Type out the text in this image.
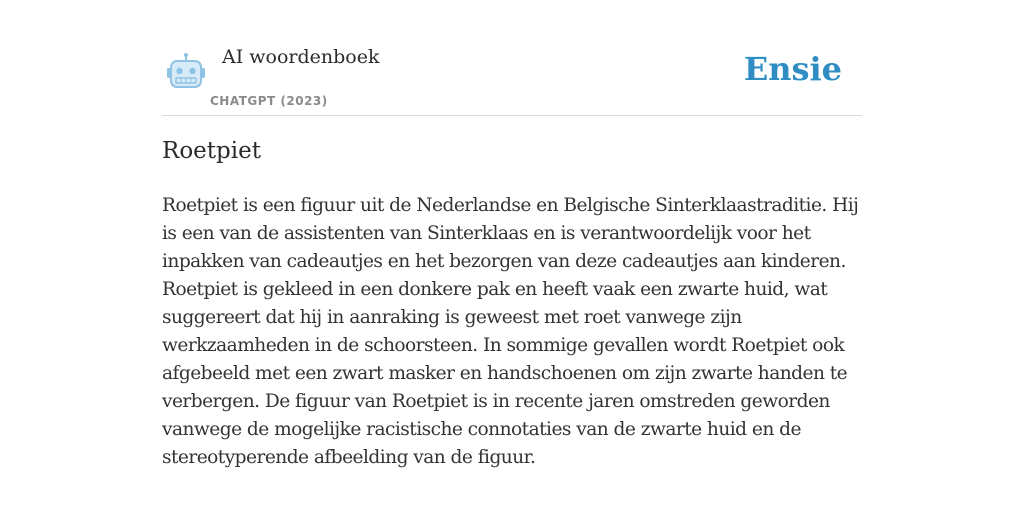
AI woordenboek
CHATGPT (2023)
Ensie
Roetpiet

Roetpiet is een figuur uit de Nederlandse en Belgische Sinterklaastraditie. Hij is een van de assistenten van Sinterklaas en is verantwoordelijk voor het inpakken van cadeautjes en het bezorgen van deze cadeautjes aan kinderen. Roetpiet is gekleed in een donkere pak en heeft vaak een zwarte huid, wat suggereert dat hij in aanraking is geweest met roet vanwege zijn werkzaamheden in de schoorsteen. In sommige gevallen wordt Roetpiet ook afgebeeld met een zwart masker en handschoenen om zijn zwarte handen te verbergen. De figuur van Roetpiet is in recente jaren omstreden geworden vanwege de mogelijke racistische connotaties van de zwarte huid en de stereotyperende afbeelding van de figuur.
